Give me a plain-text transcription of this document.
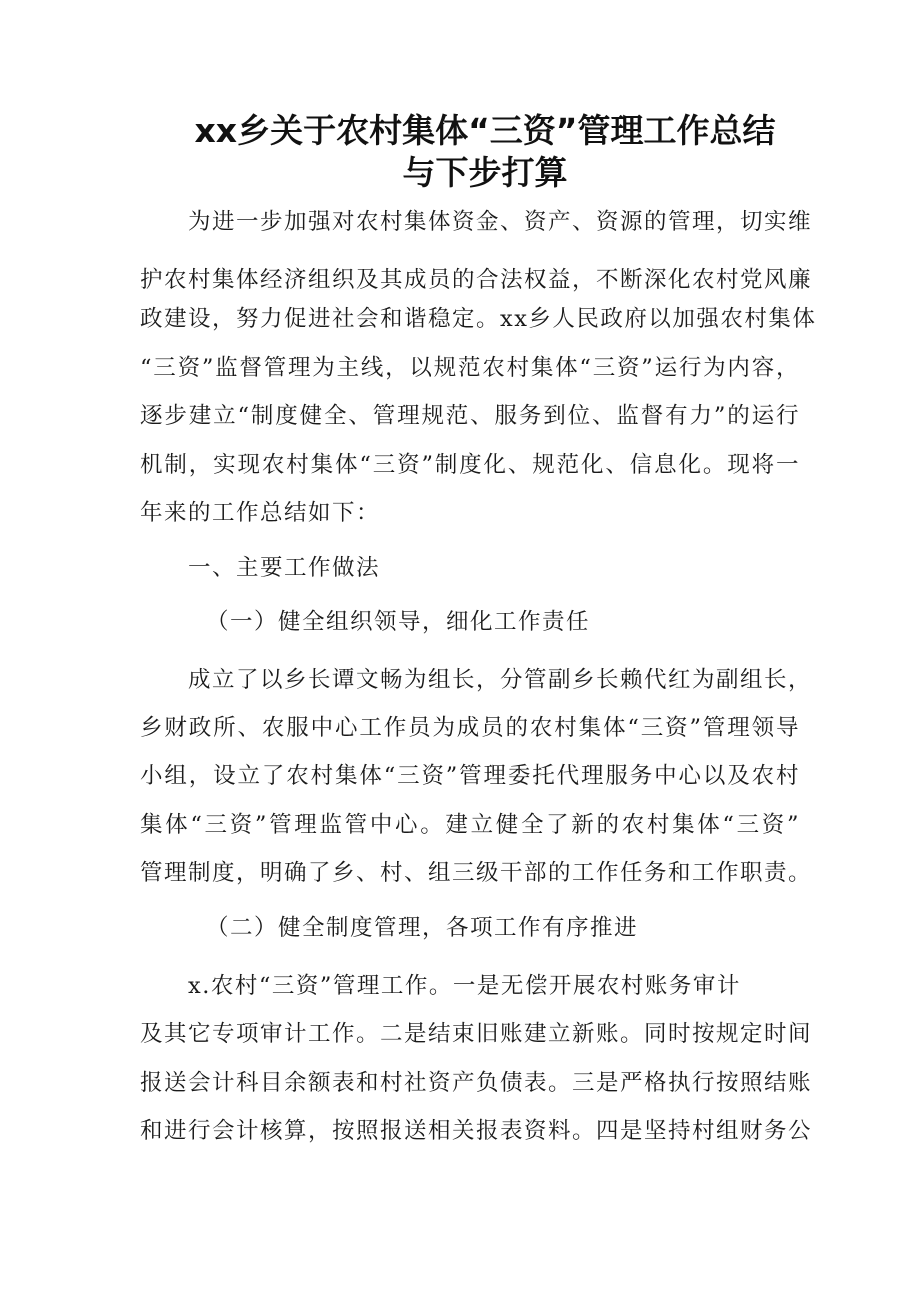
xx乡关于农村集体“三资”管理工作总结
与下步打算

为进一步加强对农村集体资金、资产、资源的管理，切实维

护农村集体经济组织及其成员的合法权益，不断深化农村党风廉

政建设，努力促进社会和谐稳定。xx乡人民政府以加强农村集体

“三资”监督管理为主线，以规范农村集体“三资”运行为内容，

逐步建立“制度健全、管理规范、服务到位、监督有力”的运行

机制，实现农村集体“三资”制度化、规范化、信息化。现将一

年来的工作总结如下：

一、主要工作做法

（一）健全组织领导，细化工作责任

成立了以乡长谭文畅为组长，分管副乡长赖代红为副组长，

乡财政所、农服中心工作员为成员的农村集体“三资”管理领导

小组，设立了农村集体“三资”管理委托代理服务中心以及农村

集体“三资”管理监管中心。建立健全了新的农村集体“三资”

管理制度，明确了乡、村、组三级干部的工作任务和工作职责。

（二）健全制度管理，各项工作有序推进

x.农村“三资”管理工作。一是无偿开展农村账务审计

及其它专项审计工作。二是结束旧账建立新账。同时按规定时间

报送会计科目余额表和村社资产负债表。三是严格执行按照结账

和进行会计核算，按照报送相关报表资料。四是坚持村组财务公
